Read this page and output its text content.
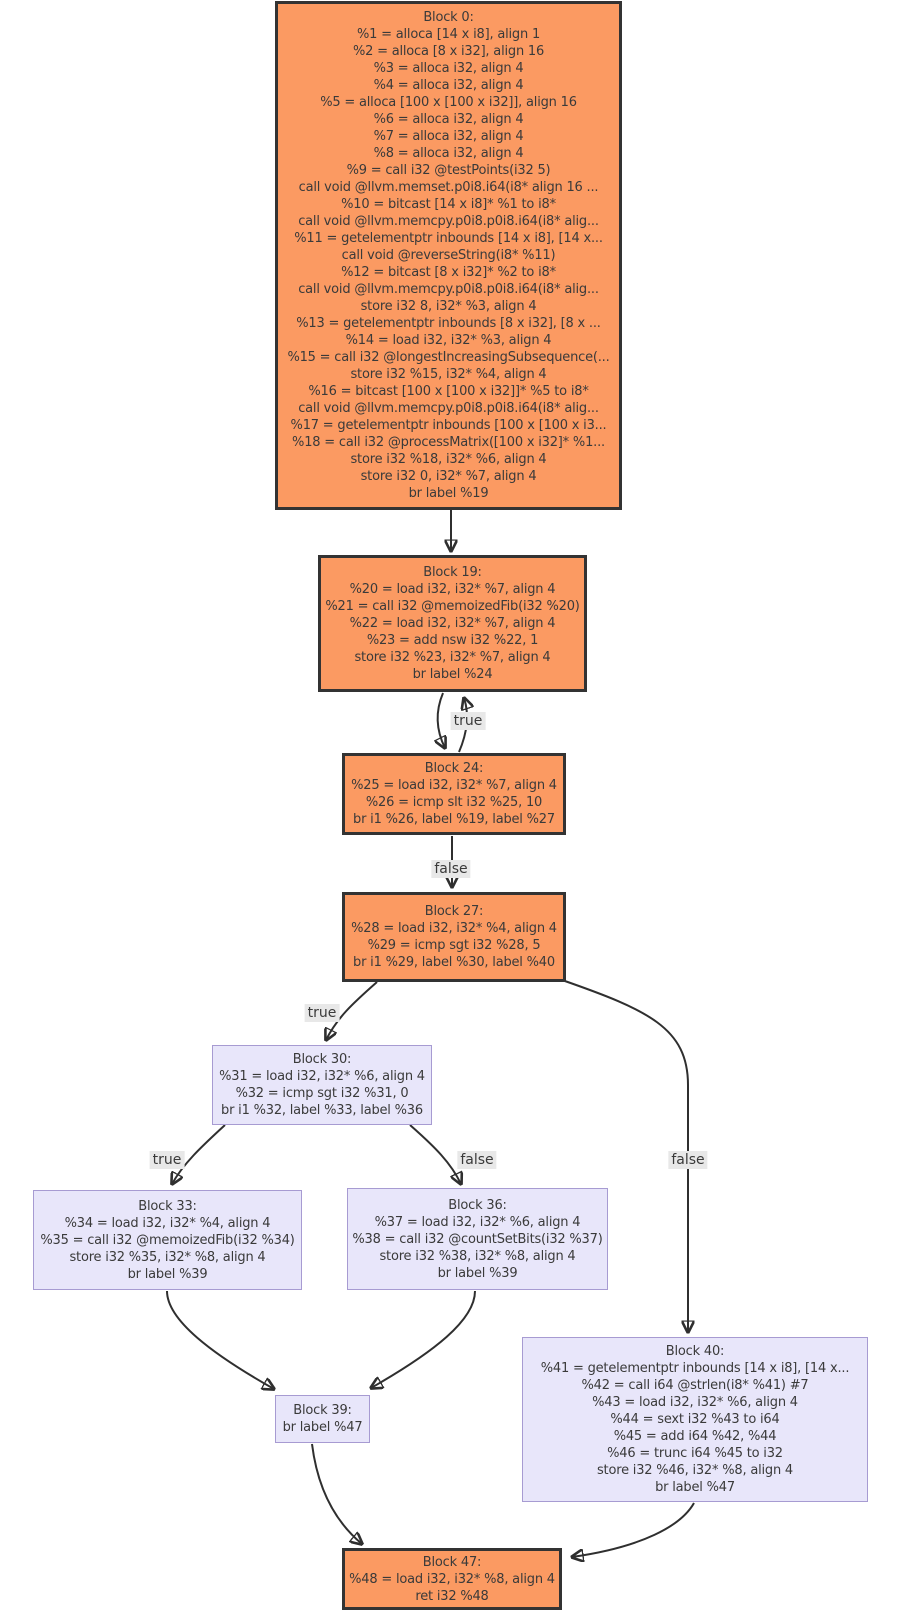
Block 0:
%1 = alloca [14 x i8], align 1
%2 = alloca [8 x i32], align 16
%3 = alloca i32, align 4
%4 = alloca i32, align 4
%5 = alloca [100 x [100 x i32]], align 16
%6 = alloca i32, align 4
%7 = alloca i32, align 4
%8 = alloca i32, align 4
%9 = call i32 @testPoints(i32 5)
call void @llvm.memset.p0i8.i64(i8* align 16 ...
%10 = bitcast [14 x i8]* %1 to i8*
call void @llvm.memcpy.p0i8.p0i8.i64(i8* alig...
%11 = getelementptr inbounds [14 x i8], [14 x...
call void @reverseString(i8* %11)
%12 = bitcast [8 x i32]* %2 to i8*
call void @llvm.memcpy.p0i8.p0i8.i64(i8* alig...
store i32 8, i32* %3, align 4
%13 = getelementptr inbounds [8 x i32], [8 x ...
%14 = load i32, i32* %3, align 4
%15 = call i32 @longestIncreasingSubsequence(...
store i32 %15, i32* %4, align 4
%16 = bitcast [100 x [100 x i32]]* %5 to i8*
call void @llvm.memcpy.p0i8.p0i8.i64(i8* alig...
%17 = getelementptr inbounds [100 x [100 x i3...
%18 = call i32 @processMatrix([100 x i32]* %1...
store i32 %18, i32* %6, align 4
store i32 0, i32* %7, align 4
br label %19
Block 19:
%20 = load i32, i32* %7, align 4
%21 = call i32 @memoizedFib(i32 %20)
%22 = load i32, i32* %7, align 4
%23 = add nsw i32 %22, 1
store i32 %23, i32* %7, align 4
br label %24
Block 24:
%25 = load i32, i32* %7, align 4
%26 = icmp slt i32 %25, 10
br i1 %26, label %19, label %27
Block 27:
%28 = load i32, i32* %4, align 4
%29 = icmp sgt i32 %28, 5
br i1 %29, label %30, label %40
Block 30:
%31 = load i32, i32* %6, align 4
%32 = icmp sgt i32 %31, 0
br i1 %32, label %33, label %36
Block 33:
%34 = load i32, i32* %4, align 4
%35 = call i32 @memoizedFib(i32 %34)
store i32 %35, i32* %8, align 4
br label %39
Block 36:
%37 = load i32, i32* %6, align 4
%38 = call i32 @countSetBits(i32 %37)
store i32 %38, i32* %8, align 4
br label %39
Block 40:
%41 = getelementptr inbounds [14 x i8], [14 x...
%42 = call i64 @strlen(i8* %41) #7
%43 = load i32, i32* %6, align 4
%44 = sext i32 %43 to i64
%45 = add i64 %42, %44
%46 = trunc i64 %45 to i32
store i32 %46, i32* %8, align 4
br label %47
Block 39:
br label %47
Block 47:
%48 = load i32, i32* %8, align 4
ret i32 %48
true
false
true
false
true	false
